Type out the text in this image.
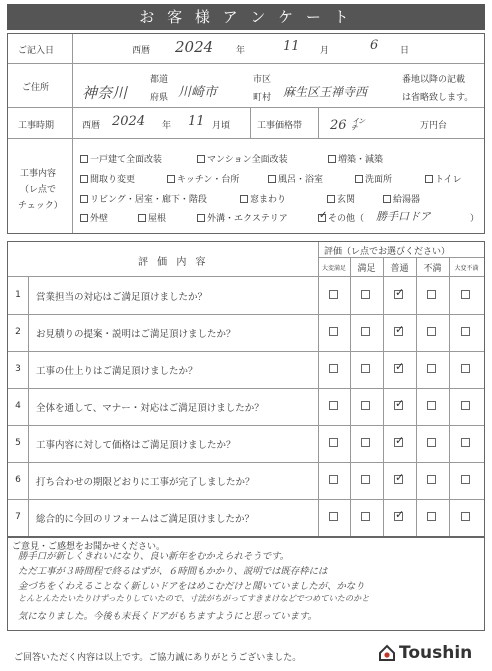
お 客 様 ア ン ケ ー ト
ご記入日	西暦 2024	年	11 月	6 日
ご住所 神奈川
都道
府県 川崎市
市区
町村 麻生区王禅寺西
番地以降の記載
は省略致します。
工事時期	西暦 2024 年 11 月頃	工事価格帯 26 ㌅	万円台
工事内容
（レ点で
チェック）
一戸建て全面改装	マンション全面改装	増築・減築
間取り変更	キッチン・台所	風呂・浴室	洗面所	トイレ
リビング・居室・廊下・階段	窓まわり	玄関	給湯器
外壁	屋根	外溝・エクステリア
✓	その他（ 勝手口ドア	）
評 価 内 容
評価（レ点でお選びください）
大変満足	満足	普通	不満	大変不満
1	営業担当の対応はご満足頂けましたか？
✓
2	お見積りの提案・説明はご満足頂けましたか？
✓
3	工事の仕上りはご満足頂けましたか？
✓
4	全体を通して、マナー・対応はご満足頂けましたか？
✓
5	工事内容に対して価格はご満足頂けましたか？
✓
6	打ち合わせの期限どおりに工事が完了しましたか？
✓
7	総合的に今回のリフォームはご満足頂けましたか？
✓
ご意見・ご感想をお聞かせください。
勝手口が新しくきれいになり、良い新年をむかえられそうです。
ただ工事が３時間程で終るはずが、６時間もかかり、説明では既存枠には
金づちをくわえることなく新しいドアをはめこむだけと聞いていましたが、かなり
とんとんたたいたりけずったりしていたので、寸法がちがってすきまけなどでつめていたのかと
気になりました。今後も末長くドアがもちますようにと思っています。
ご回答いただく内容は以上です。ご協力誠にありがとうございました。	Toushin
